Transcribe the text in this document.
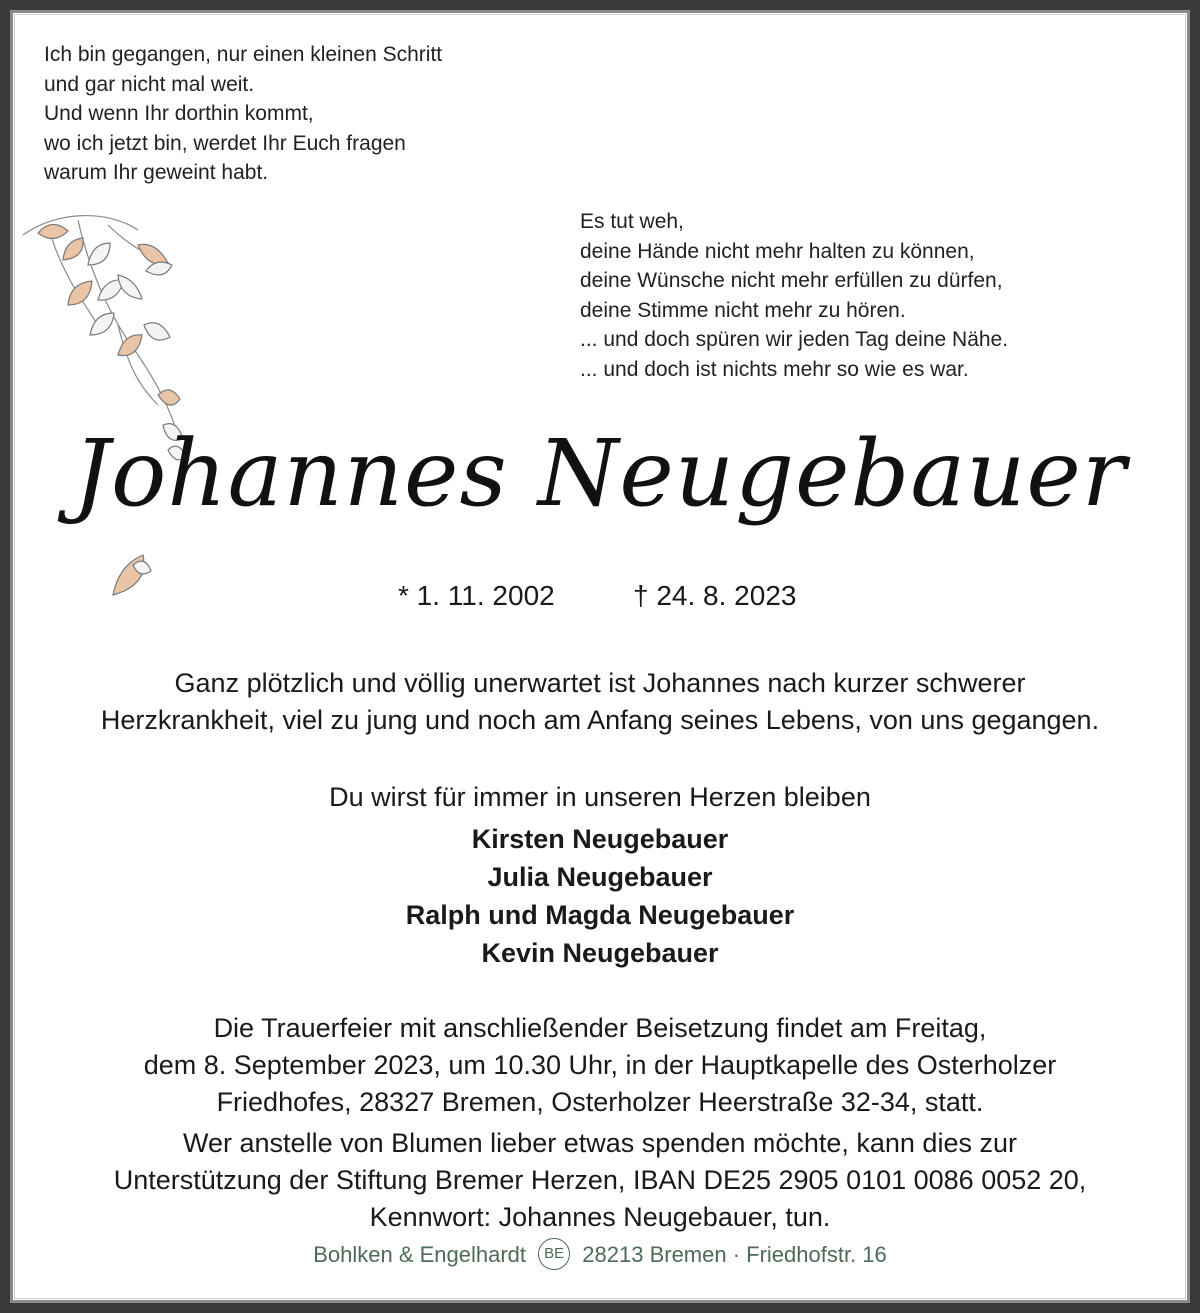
Ich bin gegangen, nur einen kleinen Schritt
und gar nicht mal weit.
Und wenn Ihr dorthin kommt,
wo ich jetzt bin, werdet Ihr Euch fragen
warum Ihr geweint habt.
Es tut weh,
deine Hände nicht mehr halten zu können,
deine Wünsche nicht mehr erfüllen zu dürfen,
deine Stimme nicht mehr zu hören.
... und doch spüren wir jeden Tag deine Nähe.
... und doch ist nichts mehr so wie es war.
Johannes Neugebauer
* 1. 11. 2002	† 24. 8. 2023
Ganz plötzlich und völlig unerwartet ist Johannes nach kurzer schwerer
Herzkrankheit, viel zu jung und noch am Anfang seines Lebens, von uns gegangen.
Du wirst für immer in unseren Herzen bleiben
Kirsten Neugebauer
Julia Neugebauer
Ralph und Magda Neugebauer
Kevin Neugebauer
Die Trauerfeier mit anschließender Beisetzung findet am Freitag,
dem 8. September 2023, um 10.30 Uhr, in der Hauptkapelle des Osterholzer
Friedhofes, 28327 Bremen, Osterholzer Heerstraße 32-34, statt.
Wer anstelle von Blumen lieber etwas spenden möchte, kann dies zur
Unterstützung der Stiftung Bremer Herzen, IBAN DE25 2905 0101 0086 0052 20,
Kennwort: Johannes Neugebauer, tun.
Bohlken & Engelhardt BE 28213 Bremen · Friedhofstr. 16
